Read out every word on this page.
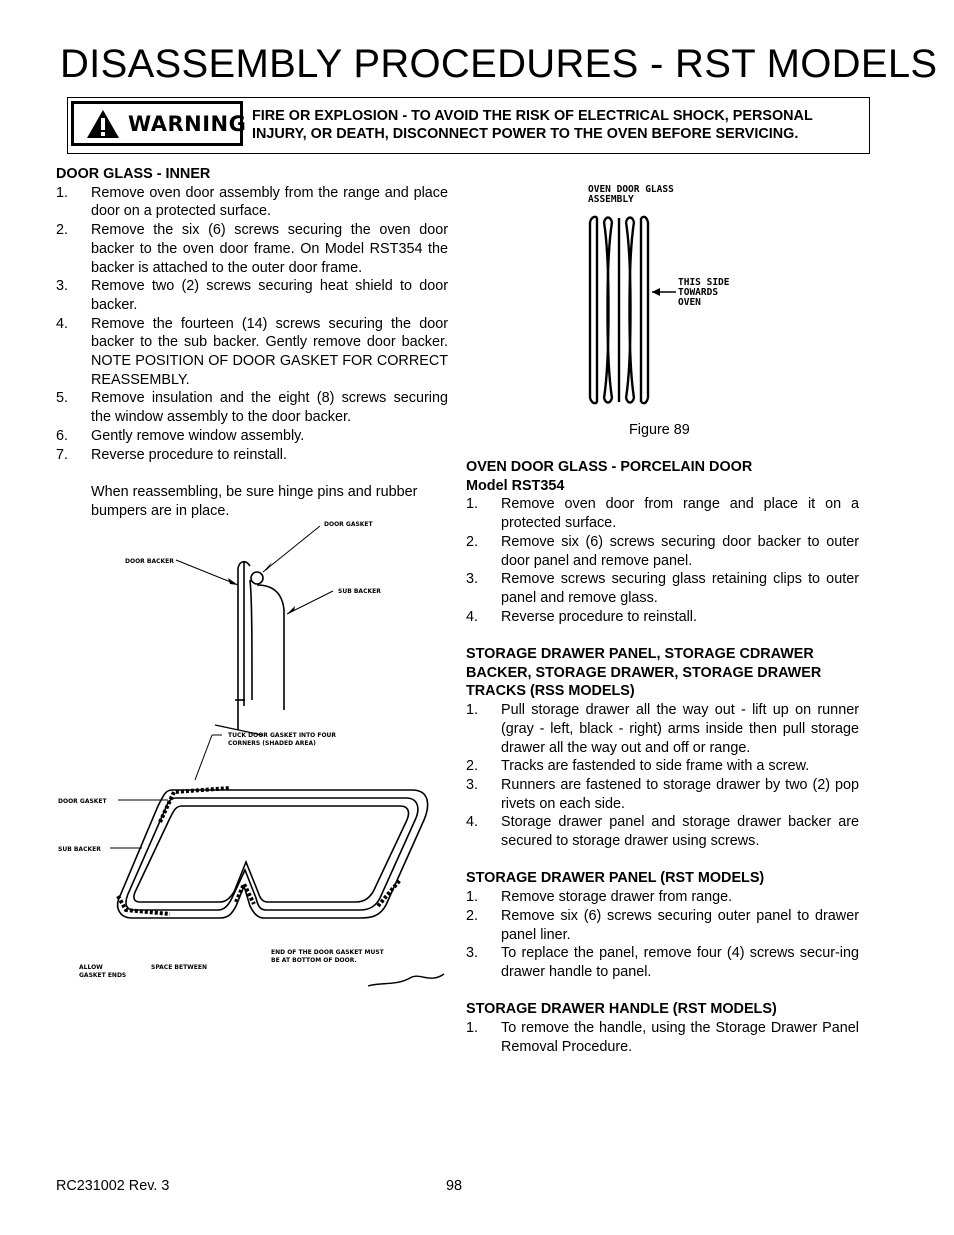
DISASSEMBLY PROCEDURES - RST MODELS
WARNING FIRE OR EXPLOSION - TO AVOID THE RISK OF ELECTRICAL SHOCK, PERSONAL
INJURY, OR DEATH, DISCONNECT POWER TO THE OVEN BEFORE SERVICING.
DOOR GLASS - INNER
1.	Remove oven door assembly from the range and place door on a protected surface.
2.	Remove the six (6) screws securing the oven door backer to the oven door frame. On Model RST354 the backer is attached to the outer door frame.
3.	Remove two (2) screws securing heat shield to door backer.
4.	Remove the fourteen (14) screws securing the door backer to the sub backer. Gently remove door backer. NOTE POSITION OF DOOR GASKET FOR CORRECT REASSEMBLY.
5.	Remove insulation and the eight (8) screws securing the window assembly to the door backer.
6.	Gently remove window assembly.
7.	Reverse procedure to reinstall.
When reassembling, be sure hinge pins and rubber bumpers are in place.
DOOR GASKET
DOOR BACKER
SUB BACKER
TUCK DOOR GASKET INTO FOUR
CORNERS (SHADED AREA)
DOOR GASKET
SUB BACKER
END OF THE DOOR GASKET MUST
BE AT BOTTOM OF DOOR.
ALLOW
GASKET ENDS
SPACE BETWEEN
OVEN DOOR GLASS
ASSEMBLY
THIS SIDE
TOWARDS
OVEN
Figure 89
OVEN DOOR GLASS - PORCELAIN DOOR
Model RST354
1.	Remove oven door from range and place it on a protected surface.
2.	Remove six (6) screws securing door backer to outer door panel and remove panel.
3.	Remove screws securing glass retaining clips to outer panel and remove glass.
4.	Reverse procedure to reinstall.
STORAGE DRAWER PANEL, STORAGE CDRAWER
BACKER, STORAGE DRAWER, STORAGE DRAWER
TRACKS (RSS MODELS)
1.	Pull storage drawer all the way out - lift up on runner (gray - left, black - right) arms inside then pull storage drawer all the way out and off or range.
2.	Tracks are fastended to side frame with a screw.
3.	Runners are fastened to storage drawer by two (2) pop rivets on each side.
4.	Storage drawer panel and storage drawer backer are secured to storage drawer using screws.
STORAGE DRAWER PANEL (RST MODELS)
1.	Remove storage drawer from range.
2.	Remove six (6) screws securing outer panel to drawer panel liner.
3.	To replace the panel, remove four (4) screws secur-ing drawer handle to panel.
STORAGE DRAWER HANDLE (RST MODELS)
1.	To remove the handle, using the Storage Drawer Panel Removal Procedure.
RC231002 Rev. 3	98
